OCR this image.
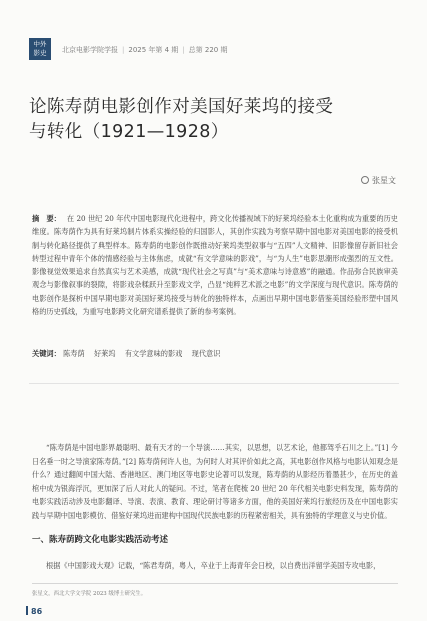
中外
影史	北京电影学院学报 | 2025 年第 4 期 | 总第 220 期
论陈寿荫电影创作对美国好莱坞的接受
与转化（1921—1928）
张星文
摘　要： 在 20 世纪 20 年代中国电影现代化进程中，跨文化传播视域下的好莱坞经验本土化重构成为重要的历史维度。陈寿荫作为具有好莱坞制片体系实操经验的归国影人，其创作实践为考察早期中国电影对美国电影的接受机制与转化路径提供了典型样本。陈寿荫的电影创作既推动好莱坞类型叙事与“五四”人文精神、旧影像留存新旧社会转型过程中青年个体的情感经验与主体焦虑，成就“有文学意味的影戏”，与“为人生”电影思潮形成强烈的互文性。影像视觉效果追求自然真实与艺术美感，成就“现代社会之写真”与“美术意味与诗意感”的融通。作品弥合民族审美观念与影像叙事的裂隙，将影戏杂糅跃升至影戏文学，凸显“纯粹艺术派之电影”的文学深度与现代意识。陈寿荫的电影创作是探析中国早期电影对美国好莱坞接受与转化的独特样本，点画出早期中国电影借鉴美国经验形塑中国风格的历史弧线，为重写电影跨文化研究谱系提供了新的参考案例。
关键词： 陈寿荫 好莱坞 有文学意味的影戏 现代意识
“陈寿荫是中国电影界最聪明、最有天才的一个导演……其实，以思想，以艺术论，他都驾乎石川之上。”[1] 今日名垂一时之导演家陈寿荫。”[2] 陈寿荫何许人也，为何时人对其评价如此之高，其电影创作风格与电影认知观念是什么？通过翻阅中国大陆、香港地区、澳门地区等电影史论著可以发现，陈寿荫的从影经历着墨甚少，在历史的盖棺中成为银海浮沉，更加深了后人对此人的疑问。不过，笔者在爬梳 20 世纪 20 年代相关电影史料发现，陈寿荫的电影实践活动涉及电影翻译、导演、表演、教育、理论研讨等诸多方面，他的美国好莱坞行旅经历及在中国电影实践与早期中国电影模仿、借鉴好莱坞进而建构中国现代民族电影的历程紧密相关，具有独特的学理意义与史价值。
一、陈寿荫跨文化电影实践活动考述
根据《中国影戏大观》记载，“陈君寿荫，粤人，卒业于上海青年会日校，以自费出洋留学美国专攻电影，
张星文，西北大学文学院 2023 级博士研究生。
86
